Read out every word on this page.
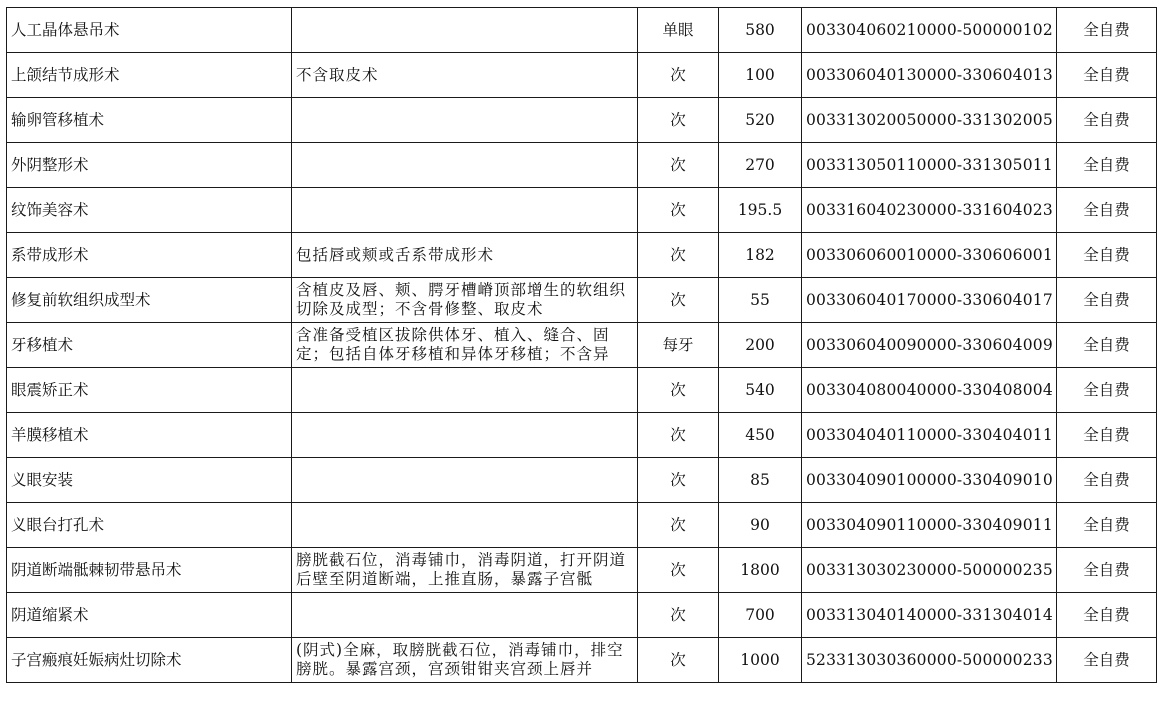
人工晶体悬吊术		单眼	580	003304060210000-500000102	全自费
上颌结节成形术	不含取皮术	次	100	003306040130000-330604013	全自费
输卵管移植术		次	520	003313020050000-331302005	全自费
外阴整形术		次	270	003313050110000-331305011	全自费
纹饰美容术		次	195.5	003316040230000-331604023	全自费
系带成形术	包括唇或颊或舌系带成形术	次	182	003306060010000-330606001	全自费
修复前软组织成型术	含植皮及唇、颊、腭牙槽嵴顶部增生的软组织切除及成型；不含骨修整、取皮术	次	55	003306040170000-330604017	全自费
牙移植术	含准备受植区拔除供体牙、植入、缝合、固定；包括自体牙移植和异体牙移植；不含异	每牙	200	003306040090000-330604009	全自费
眼震矫正术		次	540	003304080040000-330408004	全自费
羊膜移植术		次	450	003304040110000-330404011	全自费
义眼安装		次	85	003304090100000-330409010	全自费
义眼台打孔术		次	90	003304090110000-330409011	全自费
阴道断端骶棘韧带悬吊术	膀胱截石位，消毒铺巾，消毒阴道，打开阴道后壁至阴道断端，上推直肠，暴露子宫骶	次	1800	003313030230000-500000235	全自费
阴道缩紧术		次	700	003313040140000-331304014	全自费
子宫瘢痕妊娠病灶切除术	(阴式)全麻，取膀胱截石位，消毒铺巾，排空膀胱。暴露宫颈，宫颈钳钳夹宫颈上唇并	次	1000	523313030360000-500000233	全自费
